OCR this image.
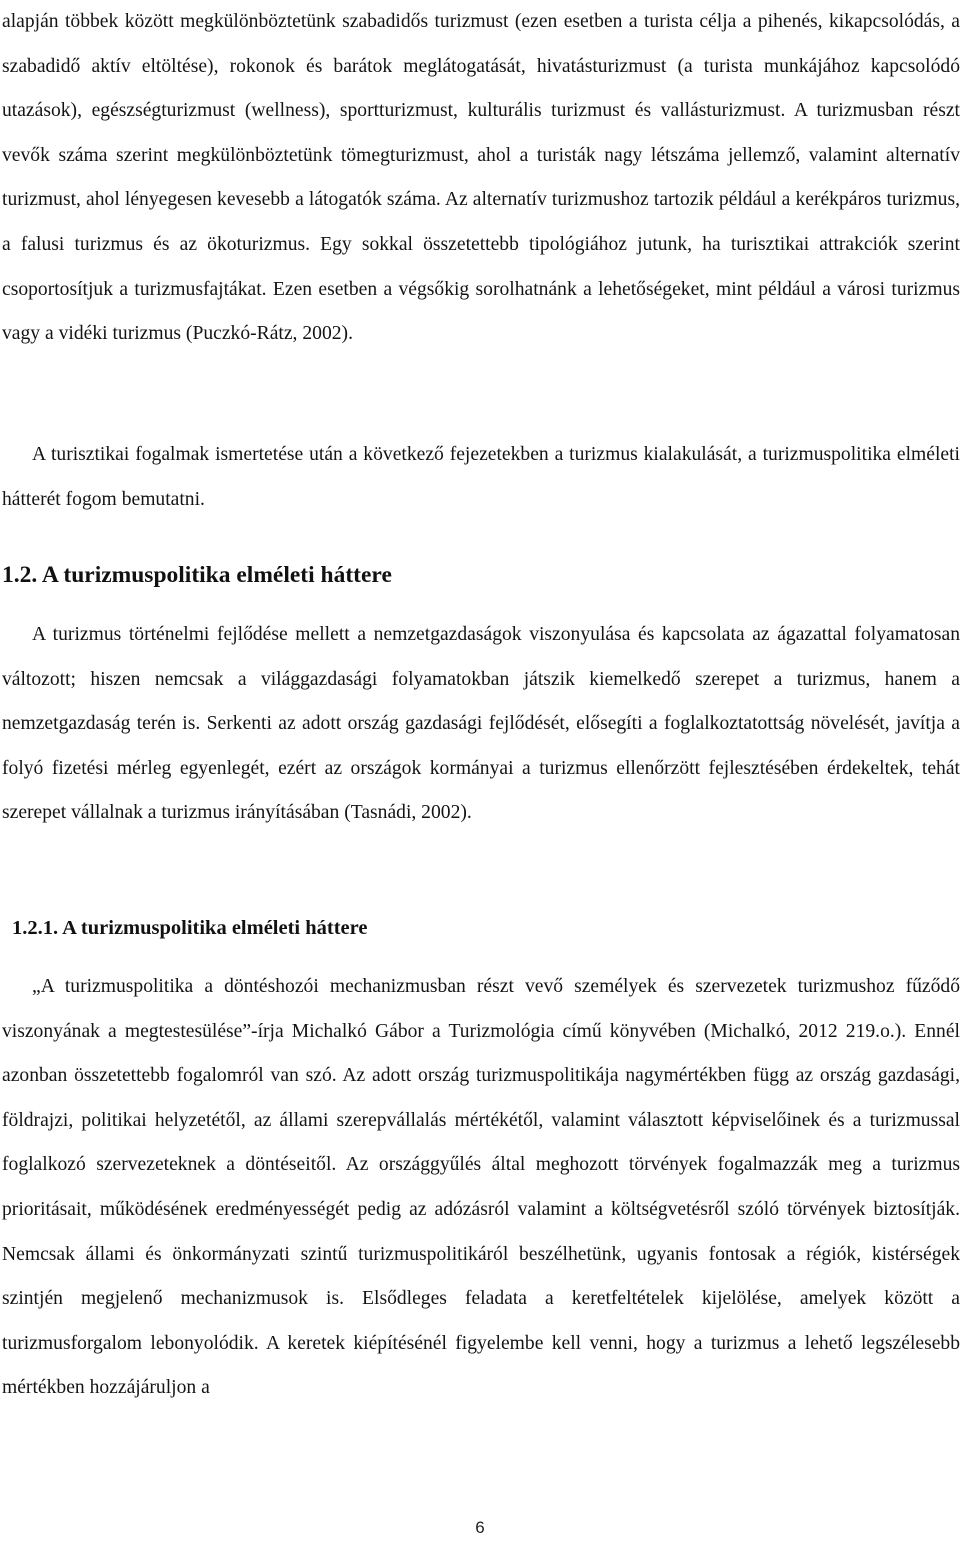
alapján többek között megkülönböztetünk szabadidős turizmust (ezen esetben a turista célja a pihenés, kikapcsolódás, a szabadidő aktív eltöltése), rokonok és barátok meglátogatását, hivatásturizmust (a turista munkájához kapcsolódó utazások), egészségturizmust (wellness), sportturizmust, kulturális turizmust és vallásturizmust. A turizmusban részt vevők száma szerint megkülönböztetünk tömegturizmust, ahol a turisták nagy létszáma jellemző, valamint alternatív turizmust, ahol lényegesen kevesebb a látogatók száma. Az alternatív turizmushoz tartozik például a kerékpáros turizmus, a falusi turizmus és az ökoturizmus. Egy sokkal összetettebb tipológiához jutunk, ha turisztikai attrakciók szerint csoportosítjuk a turizmusfajtákat. Ezen esetben a végsőkig sorolhatnánk a lehetőségeket, mint például a városi turizmus vagy a vidéki turizmus (Puczkó-Rátz, 2002).

A turisztikai fogalmak ismertetése után a következő fejezetekben a turizmus kialakulását, a turizmuspolitika elméleti hátterét fogom bemutatni.

1.2. A turizmuspolitika elméleti háttere

A turizmus történelmi fejlődése mellett a nemzetgazdaságok viszonyulása és kapcsolata az ágazattal folyamatosan változott; hiszen nemcsak a világgazdasági folyamatokban játszik kiemelkedő szerepet a turizmus, hanem a nemzetgazdaság terén is. Serkenti az adott ország gazdasági fejlődését, elősegíti a foglalkoztatottság növelését, javítja a folyó fizetési mérleg egyenlegét, ezért az országok kormányai a turizmus ellenőrzött fejlesztésében érdekeltek, tehát szerepet vállalnak a turizmus irányításában (Tasnádi, 2002).

1.2.1. A turizmuspolitika elméleti háttere

„A turizmuspolitika a döntéshozói mechanizmusban részt vevő személyek és szervezetek turizmushoz fűződő viszonyának a megtestesülése”-írja Michalkó Gábor a Turizmológia című könyvében (Michalkó, 2012 219.o.). Ennél azonban összetettebb fogalomról van szó. Az adott ország turizmuspolitikája nagymértékben függ az ország gazdasági, földrajzi, politikai helyzetétől, az állami szerepvállalás mértékétől, valamint választott képviselőinek és a turizmussal foglalkozó szervezeteknek a döntéseitől. Az országgyűlés által meghozott törvények fogalmazzák meg a turizmus prioritásait, működésének eredményességét pedig az adózásról valamint a költségvetésről szóló törvények biztosítják. Nemcsak állami és önkormányzati szintű turizmuspolitikáról beszélhetünk, ugyanis fontosak a régiók, kistérségek szintjén megjelenő mechanizmusok is. Elsődleges feladata a keretfeltételek kijelölése, amelyek között a turizmusforgalom lebonyolódik. A keretek kiépítésénél figyelembe kell venni, hogy a turizmus a lehető legszélesebb mértékben hozzájáruljon a

6
